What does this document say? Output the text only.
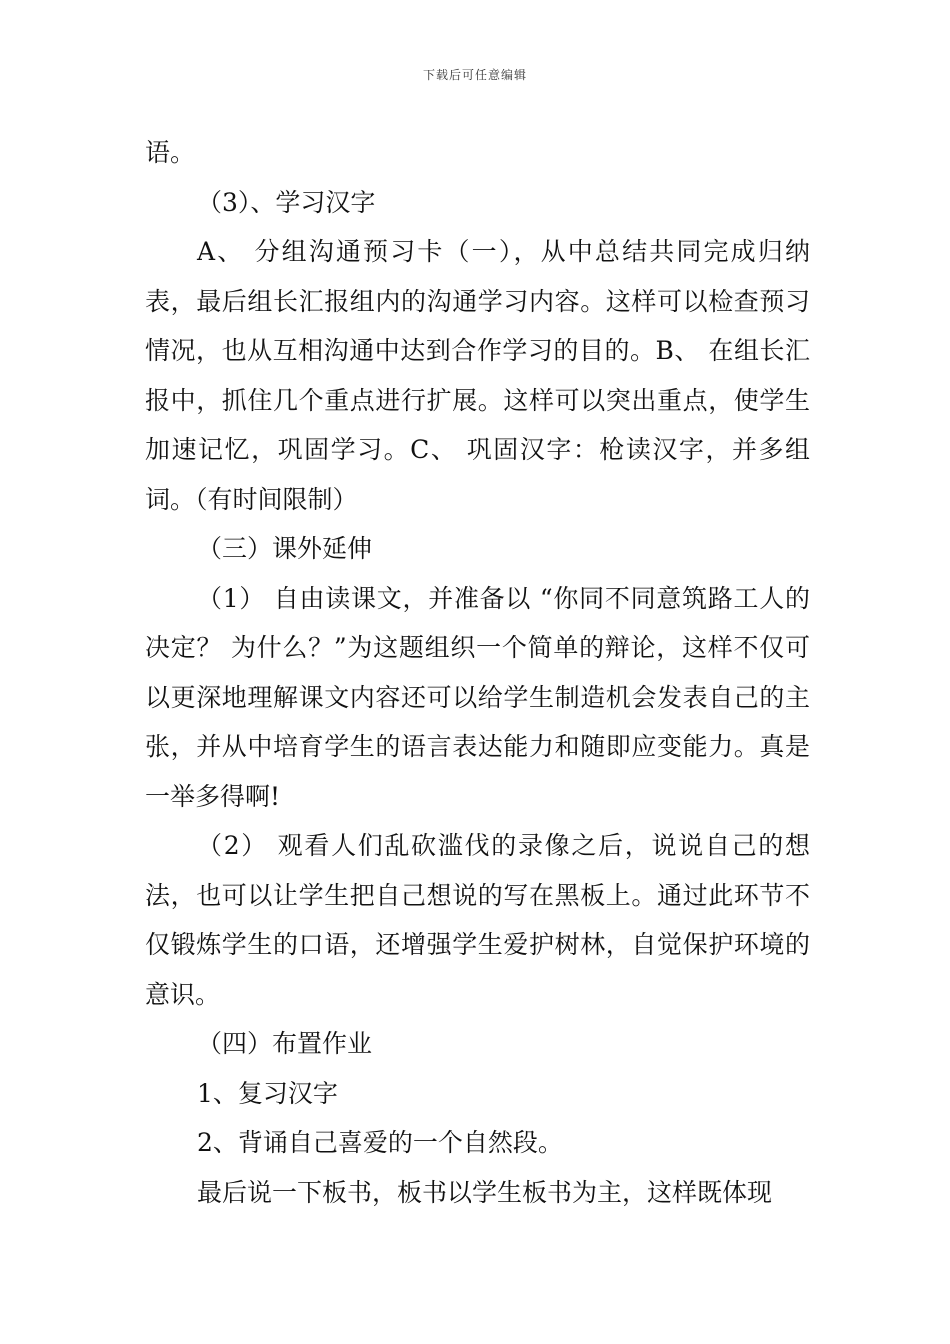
下载后可任意编辑

语。

（3）、学习汉字

A、 分组沟通预习卡（一），从中总结共同完成归纳表，最后组长汇报组内的沟通学习内容。这样可以检查预习情况，也从互相沟通中达到合作学习的目的。B、 在组长汇报中，抓住几个重点进行扩展。这样可以突出重点，使学生加速记忆，巩固学习。C、 巩固汉字：枪读汉字，并多组词。（有时间限制）

（三）课外延伸

（1） 自由读课文，并准备以 “你同不同意筑路工人的决定？ 为什么？”为这题组织一个简单的辩论，这样不仅可以更深地理解课文内容还可以给学生制造机会发表自己的主张，并从中培育学生的语言表达能力和随即应变能力。真是一举多得啊!

（2） 观看人们乱砍滥伐的录像之后，说说自己的想法，也可以让学生把自己想说的写在黑板上。通过此环节不仅锻炼学生的口语，还增强学生爱护树林，自觉保护环境的意识。

（四）布置作业

1、复习汉字

2、背诵自己喜爱的一个自然段。

最后说一下板书，板书以学生板书为主，这样既体现
